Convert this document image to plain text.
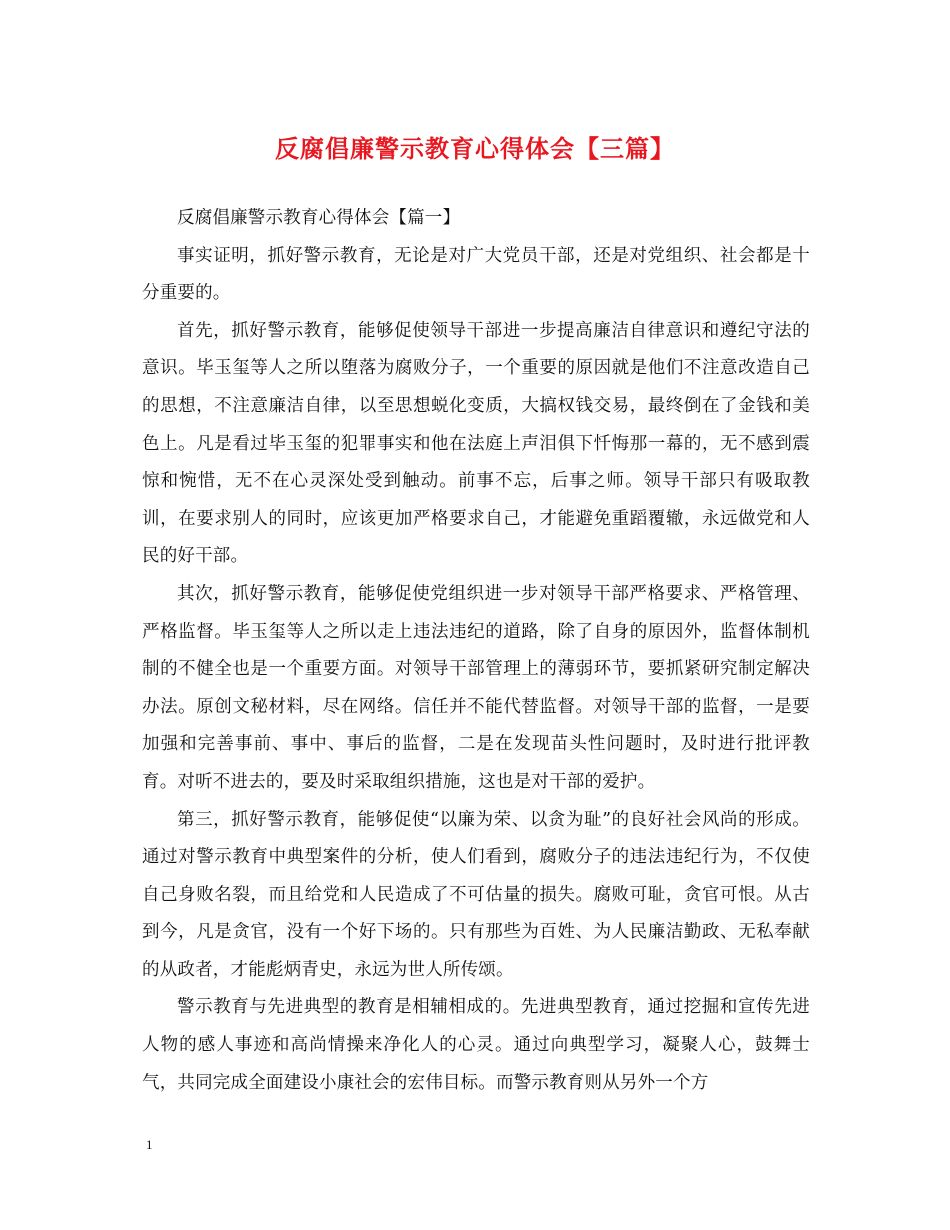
反腐倡廉警示教育心得体会【三篇】

反腐倡廉警示教育心得体会【篇一】

事实证明，抓好警示教育，无论是对广大党员干部，还是对党组织、社会都是十分重要的。

首先，抓好警示教育，能够促使领导干部进一步提高廉洁自律意识和遵纪守法的意识。毕玉玺等人之所以堕落为腐败分子，一个重要的原因就是他们不注意改造自己的思想，不注意廉洁自律，以至思想蜕化变质，大搞权钱交易，最终倒在了金钱和美色上。凡是看过毕玉玺的犯罪事实和他在法庭上声泪俱下忏悔那一幕的，无不感到震惊和惋惜，无不在心灵深处受到触动。前事不忘，后事之师。领导干部只有吸取教训，在要求别人的同时，应该更加严格要求自己，才能避免重蹈覆辙，永远做党和人民的好干部。

其次，抓好警示教育，能够促使党组织进一步对领导干部严格要求、严格管理、严格监督。毕玉玺等人之所以走上违法违纪的道路，除了自身的原因外，监督体制机制的不健全也是一个重要方面。对领导干部管理上的薄弱环节，要抓紧研究制定解决办法。原创文秘材料，尽在网络。信任并不能代替监督。对领导干部的监督，一是要加强和完善事前、事中、事后的监督，二是在发现苗头性问题时，及时进行批评教育。对听不进去的，要及时采取组织措施，这也是对干部的爱护。

第三，抓好警示教育，能够促使“以廉为荣、以贪为耻”的良好社会风尚的形成。通过对警示教育中典型案件的分析，使人们看到，腐败分子的违法违纪行为，不仅使自己身败名裂，而且给党和人民造成了不可估量的损失。腐败可耻，贪官可恨。从古到今，凡是贪官，没有一个好下场的。只有那些为百姓、为人民廉洁勤政、无私奉献的从政者，才能彪炳青史，永远为世人所传颂。

警示教育与先进典型的教育是相辅相成的。先进典型教育，通过挖掘和宣传先进人物的感人事迹和高尚情操来净化人的心灵。通过向典型学习，凝聚人心，鼓舞士气，共同完成全面建设小康社会的宏伟目标。而警示教育则从另外一个方

1
